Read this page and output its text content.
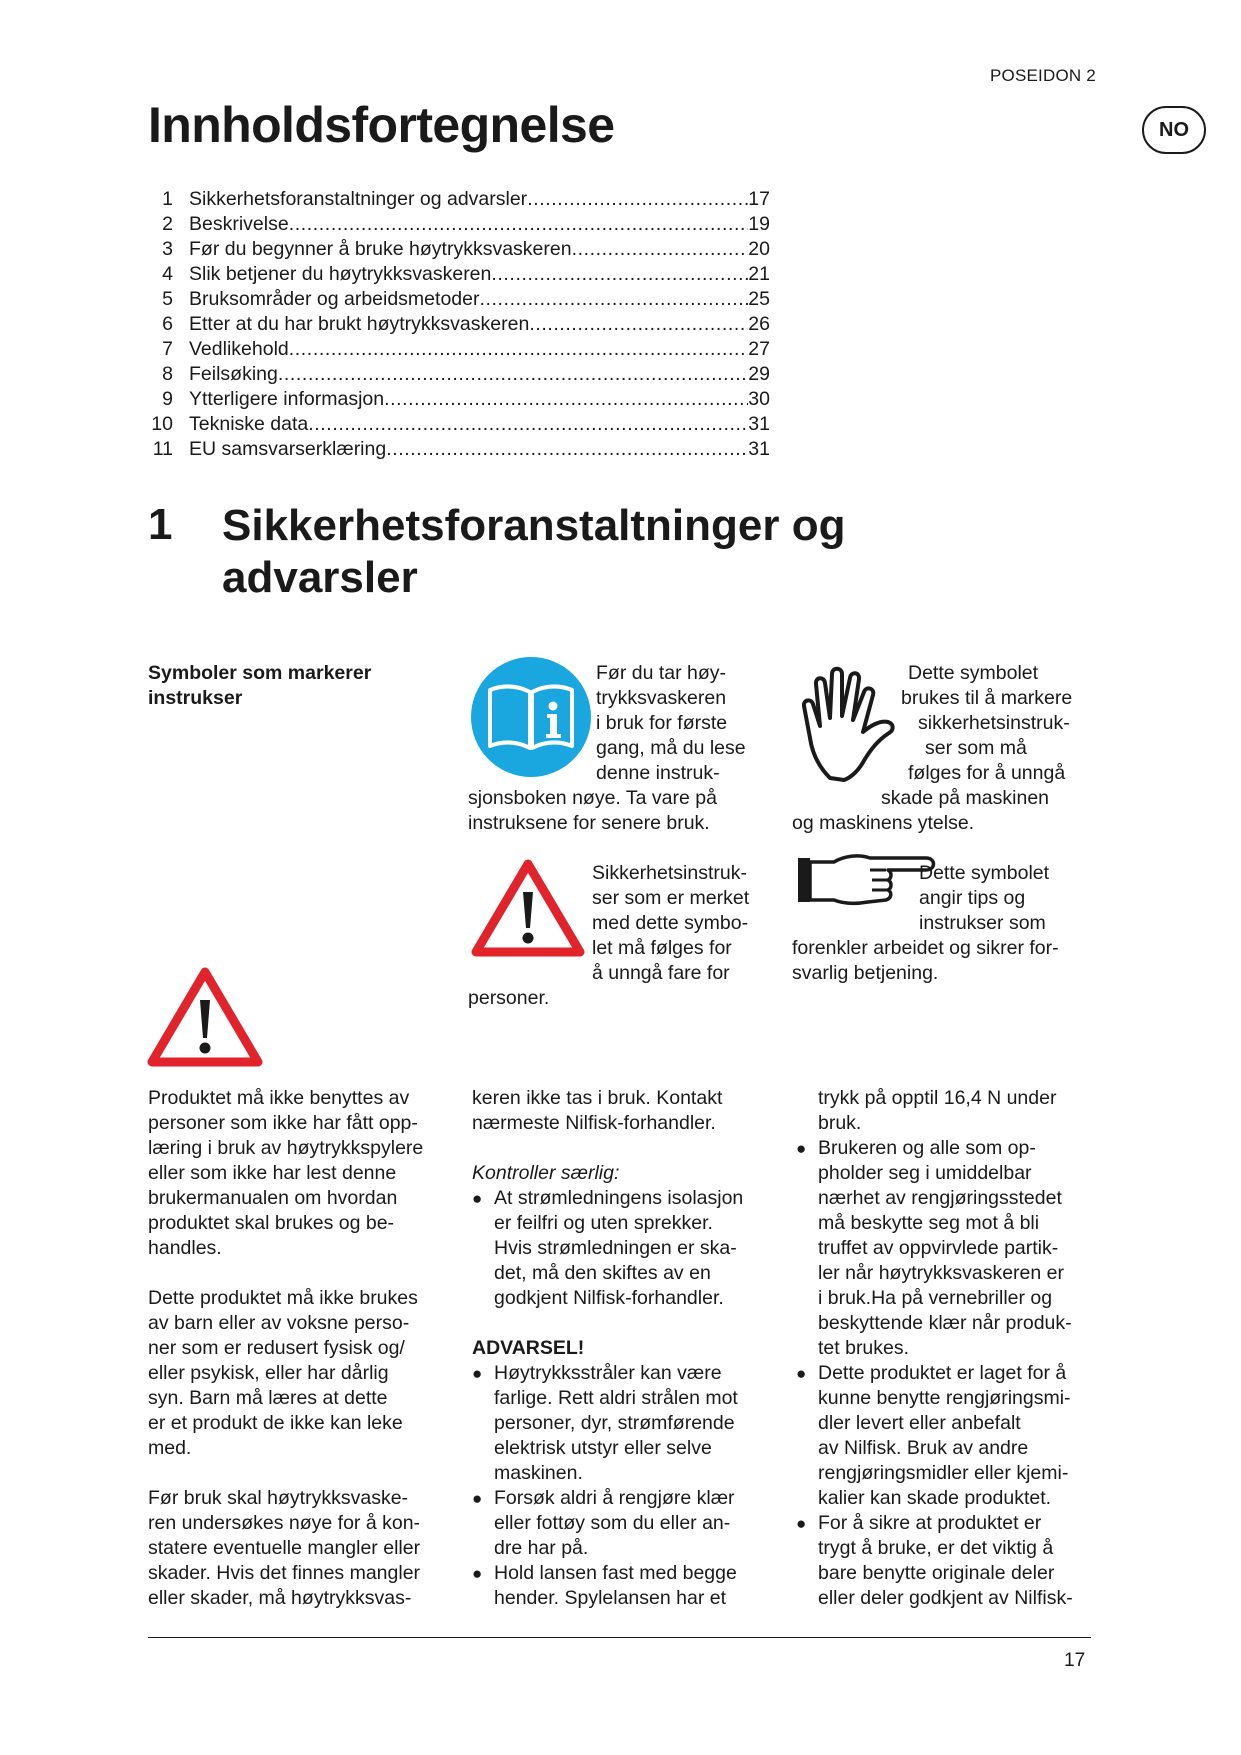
POSEIDON 2
NO
Innholdsfortegnelse
1 Sikkerhetsforanstaltninger og advarsler .....	17
2 Beskrivelse .....	19
3 Før du begynner å bruke høytrykksvaskeren .....	20
4 Slik betjener du høytrykksvaskeren .....	21
5 Bruksområder og arbeidsmetoder .....	25
6 Etter at du har brukt høytrykksvaskeren .....	26
7 Vedlikehold .....	27
8 Feilsøking .....	29
9 Ytterligere informasjon .....	30
10 Tekniske data .....	31
11 EU samsvarserklæring .....	31
1 Sikkerhetsforanstaltninger og advarsler
Symboler som markerer
instrukser
Før du tar høy-
trykksvaskeren
i bruk for første
gang, må du lese
denne instruk-
sjonsboken nøye. Ta vare på
instruksene for senere bruk.
Dette symbolet
brukes til å markere
sikkerhetsinstruk-
ser som må
følges for å unngå
skade på maskinen
og maskinens ytelse.
Sikkerhetsinstruk-
ser som er merket
med dette symbo-
let må følges for
å unngå fare for
personer.
Dette symbolet
angir tips og
instrukser som
forenkler arbeidet og sikrer for-
svarlig betjening.

Produktet må ikke benyttes av
personer som ikke har fått opp-
læring i bruk av høytrykkspylere
eller som ikke har lest denne
brukermanualen om hvordan
produktet skal brukes og be-
handles.

Dette produktet må ikke brukes
av barn eller av voksne perso-
ner som er redusert fysisk og/
eller psykisk, eller har dårlig
syn. Barn må læres at dette
er et produkt de ikke kan leke
med.

Før bruk skal høytrykksvaske-
ren undersøkes nøye for å kon-
statere eventuelle mangler eller
skader. Hvis det finnes mangler
eller skader, må høytrykksvas-

keren ikke tas i bruk. Kontakt
nærmeste Nilfisk-forhandler.

Kontroller særlig:
● At strømledningens isolasjon
er feilfri og uten sprekker.
Hvis strømledningen er ska-
det, må den skiftes av en
godkjent Nilfisk-forhandler.
ADVARSEL!
● Høytrykksstråler kan være
farlige. Rett aldri strålen mot
personer, dyr, strømførende
elektrisk utstyr eller selve
maskinen.
● Forsøk aldri å rengjøre klær
eller fottøy som du eller an-
dre har på.
● Hold lansen fast med begge
hender. Spylelansen har et
trykk på opptil 16,4 N under
bruk.
● Brukeren og alle som op-
pholder seg i umiddelbar
nærhet av rengjøringsstedet
må beskytte seg mot å bli
truffet av oppvirvlede partik-
ler når høytrykksvaskeren er
i bruk.Ha på vernebriller og
beskyttende klær når produk-
tet brukes.
● Dette produktet er laget for å
kunne benytte rengjøringsmi-
dler levert eller anbefalt
av Nilfisk. Bruk av andre
rengjøringsmidler eller kjemi-
kalier kan skade produktet.
● For å sikre at produktet er
trygt å bruke, er det viktig å
bare benytte originale deler
eller deler godkjent av Nilfisk-
17
